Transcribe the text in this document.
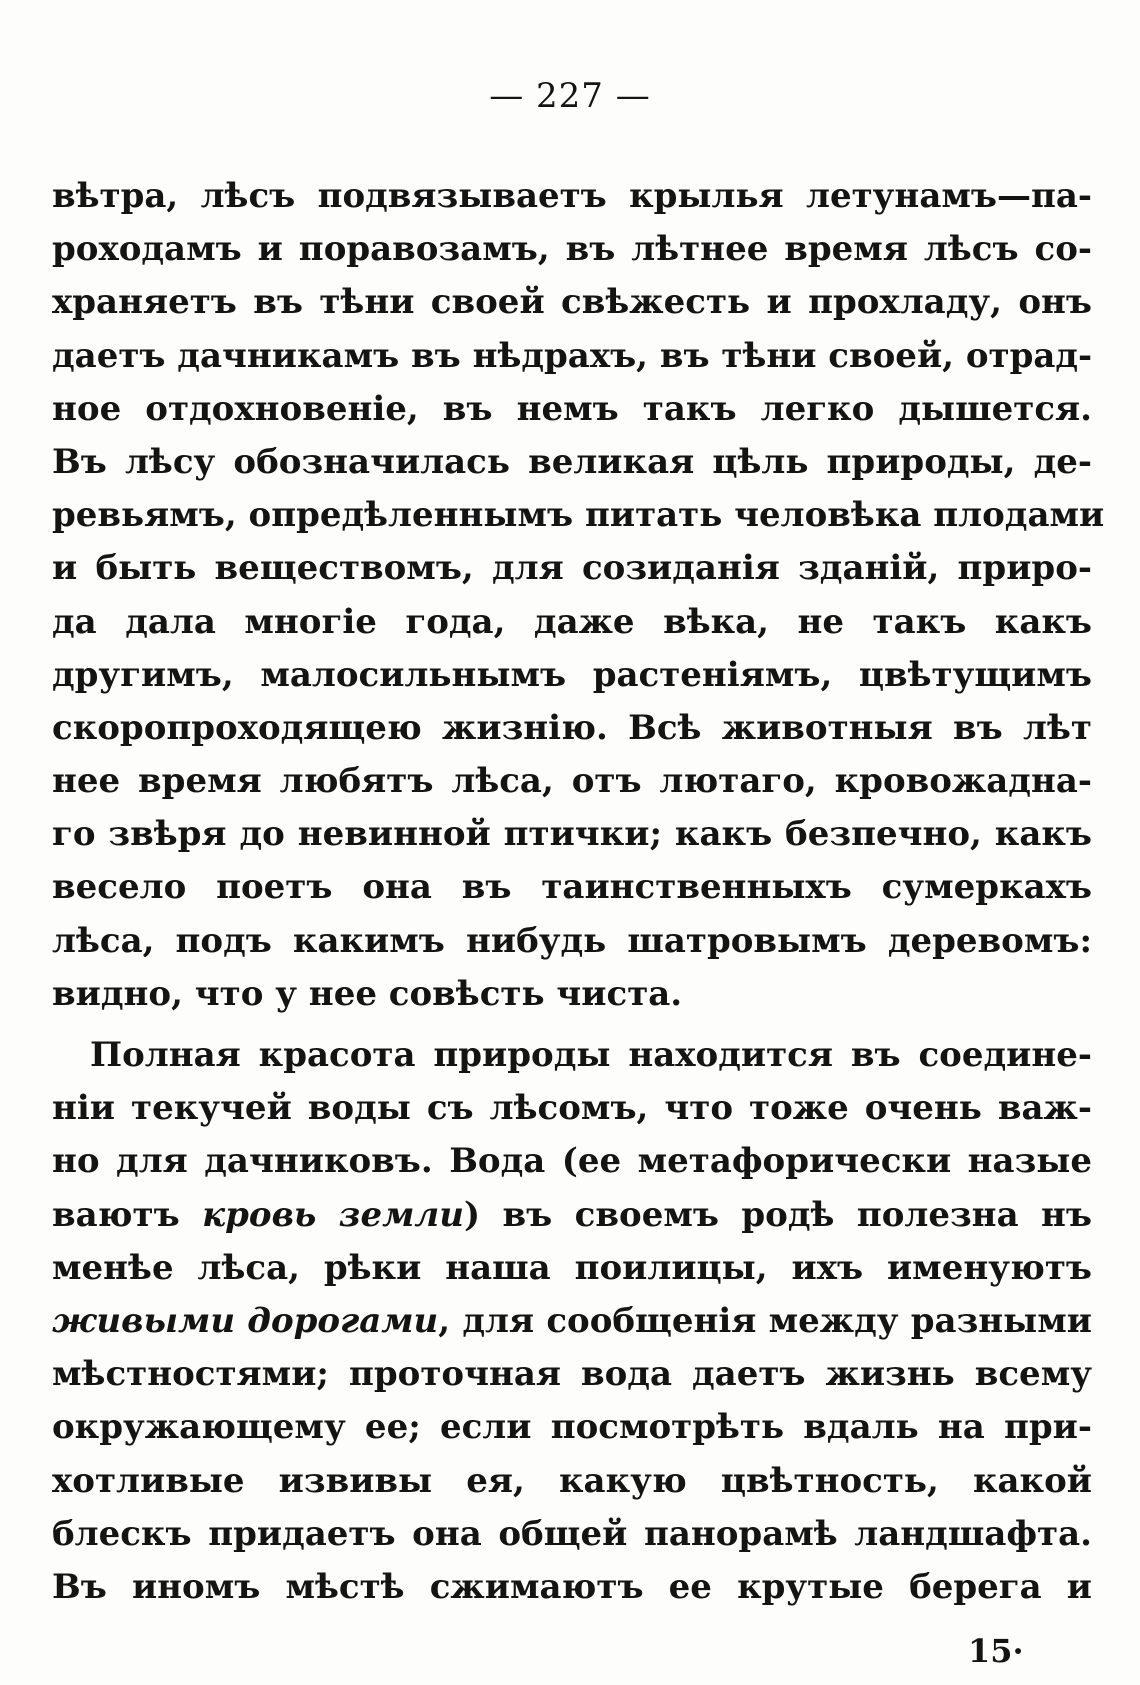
— 227 —
вѣтра, лѣсъ подвязываетъ крылья летунамъ—па-
роходамъ и поравозамъ, въ лѣтнее время лѣсъ со-
храняетъ въ тѣни своей свѣжесть и прохладу, онъ
даетъ дачникамъ въ нѣдрахъ, въ тѣни своей, отрад-
ное отдохновеніе, въ немъ такъ легко дышется.
Въ лѣсу обозначилась великая цѣль природы, де-
ревьямъ, опредѣленнымъ питать человѣка плодами
и быть веществомъ, для созиданія зданій, приро-
да дала многіе года, даже вѣка, не такъ какъ
другимъ, малосильнымъ растеніямъ, цвѣтущимъ
скоропроходящею жизнію. Всѣ животныя въ лѣт
нее время любятъ лѣса, отъ лютаго, кровожадна-
го звѣря до невинной птички; какъ безпечно, какъ
весело поетъ она въ таинственныхъ сумеркахъ
лѣса, подъ какимъ нибудь шатровымъ деревомъ:
видно, что у нее совѣсть чиста.
Полная красота природы находится въ соедине-
ніи текучей воды съ лѣсомъ, что тоже очень важ-
но для дачниковъ. Вода (ее метафорически назые
ваютъ кровь земли) въ своемъ родѣ полезна нъ
менѣе лѣса, рѣки наша поилицы, ихъ именуютъ
живыми дорогами, для сообщенія между разными
мѣстностями; проточная вода даетъ жизнь всему
окружающему ее; если посмотрѣть вдаль на при-
хотливые извивы ея, какую цвѣтность, какой
блескъ придаетъ она общей панорамѣ ландшафта.
Въ иномъ мѣстѣ сжимаютъ ее крутые берега и
15·
